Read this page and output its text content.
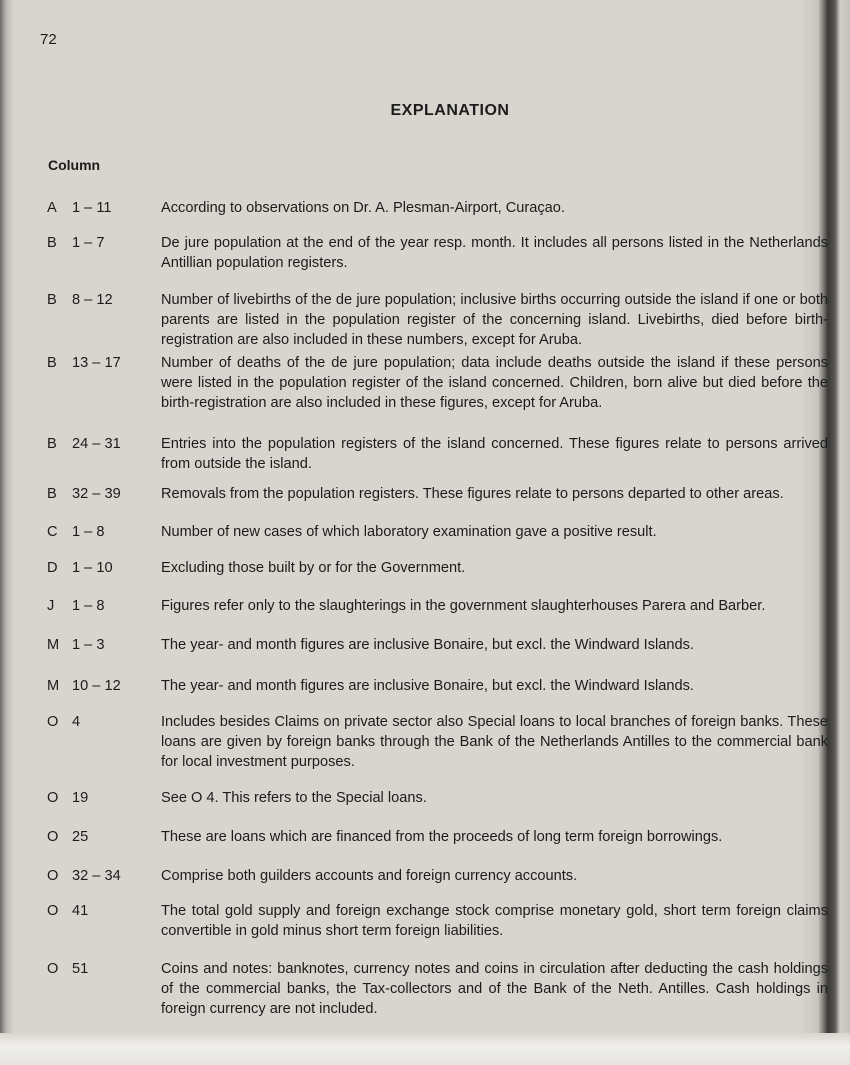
72
EXPLANATION
Column
A 1 – 11	According to observations on Dr. A. Plesman-Airport, Curaçao.
B 1 – 7	De jure population at the end of the year resp. month. It includes all persons listed in the Netherlands Antillian population registers.
B 8 – 12	Number of livebirths of the de jure population; inclusive births occurring outside the island if one or both parents are listed in the population register of the concerning island. Livebirths, died before birth-registration are also included in these numbers, except for Aruba.
B 13 – 17	Number of deaths of the de jure population; data include deaths outside the island if these persons were listed in the population register of the island concerned. Children, born alive but died before the birth-registration are also included in these figures, except for Aruba.
B 24 – 31	Entries into the population registers of the island concerned. These figures relate to persons arrived from outside the island.
B 32 – 39	Removals from the population registers. These figures relate to persons departed to other areas.
C 1 – 8	Number of new cases of which laboratory examination gave a positive result.
D 1 – 10	Excluding those built by or for the Government.
J 1 – 8	Figures refer only to the slaughterings in the government slaughterhouses Parera and Barber.
M 1 – 3	The year- and month figures are inclusive Bonaire, but excl. the Windward Islands.
M 10 – 12	The year- and month figures are inclusive Bonaire, but excl. the Windward Islands.
O 4	Includes besides Claims on private sector also Special loans to local branches of foreign banks. These loans are given by foreign banks through the Bank of the Netherlands Antilles to the commercial bank for local investment purposes.
O 19	See O 4. This refers to the Special loans.
O 25	These are loans which are financed from the proceeds of long term foreign borrowings.
O 32 – 34	Comprise both guilders accounts and foreign currency accounts.
O 41	The total gold supply and foreign exchange stock comprise monetary gold, short term foreign claims convertible in gold minus short term foreign liabilities.
O 51	Coins and notes: banknotes, currency notes and coins in circulation after deducting the cash holdings of the commercial banks, the Tax-collectors and of the Bank of the Neth. Antilles. Cash holdings in foreign currency are not included.
